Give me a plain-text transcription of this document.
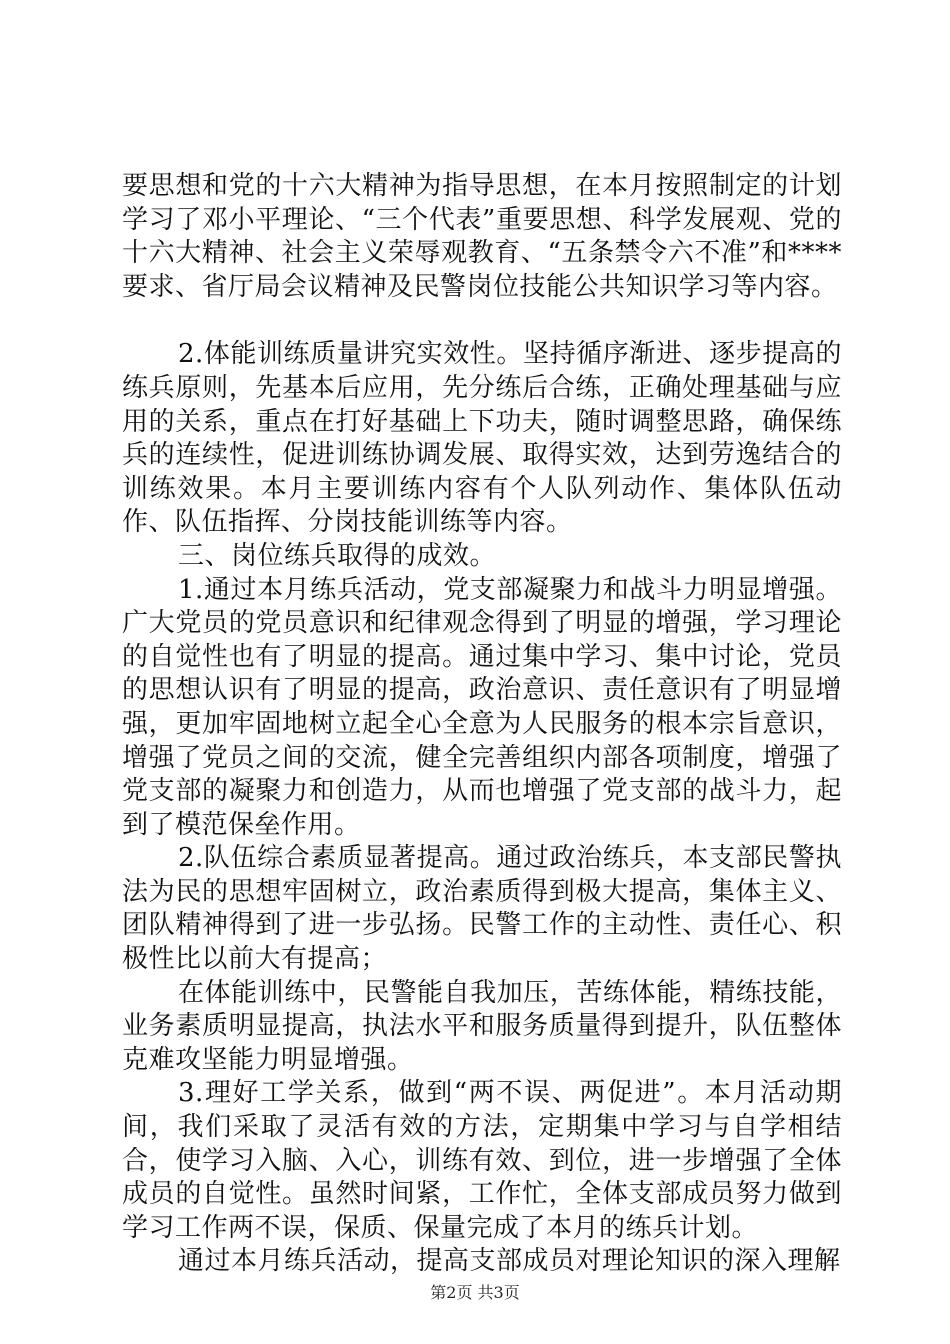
要思想和党的十六大精神为指导思想，在本月按照制定的计划学习了邓小平理论、“三个代表”重要思想、科学发展观、党的十六大精神、社会主义荣辱观教育、“五条禁令六不准”和****要求、省厅局会议精神及民警岗位技能公共知识学习等内容。

2.体能训练质量讲究实效性。坚持循序渐进、逐步提高的练兵原则，先基本后应用，先分练后合练，正确处理基础与应用的关系，重点在打好基础上下功夫，随时调整思路，确保练兵的连续性，促进训练协调发展、取得实效，达到劳逸结合的训练效果。本月主要训练内容有个人队列动作、集体队伍动作、队伍指挥、分岗技能训练等内容。

三、岗位练兵取得的成效。

1.通过本月练兵活动，党支部凝聚力和战斗力明显增强。广大党员的党员意识和纪律观念得到了明显的增强，学习理论的自觉性也有了明显的提高。通过集中学习、集中讨论，党员的思想认识有了明显的提高，政治意识、责任意识有了明显增强，更加牢固地树立起全心全意为人民服务的根本宗旨意识，增强了党员之间的交流，健全完善组织内部各项制度，增强了党支部的凝聚力和创造力，从而也增强了党支部的战斗力，起到了模范保垒作用。

2.队伍综合素质显著提高。通过政治练兵，本支部民警执法为民的思想牢固树立，政治素质得到极大提高，集体主义、团队精神得到了进一步弘扬。民警工作的主动性、责任心、积极性比以前大有提高；

在体能训练中，民警能自我加压，苦练体能，精练技能，业务素质明显提高，执法水平和服务质量得到提升，队伍整体克难攻坚能力明显增强。

3.理好工学关系，做到“两不误、两促进”。本月活动期间，我们采取了灵活有效的方法，定期集中学习与自学相结合，使学习入脑、入心，训练有效、到位，进一步增强了全体成员的自觉性。虽然时间紧，工作忙，全体支部成员努力做到学习工作两不误，保质、保量完成了本月的练兵计划。

通过本月练兵活动，提高支部成员对理论知识的深入理解

第2页 共3页
